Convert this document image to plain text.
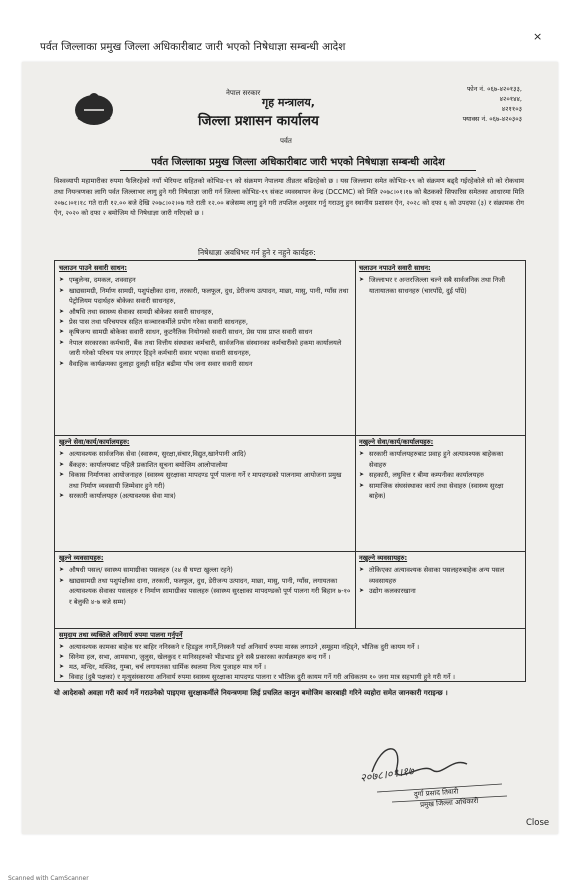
पर्वत जिल्लाका प्रमुख जिल्ला अधिकारीबाट जारी भएको निषेधाज्ञा सम्बन्धी आदेश
×
फोन नं. ०६७-४२०१३३,
४२०१४४,
४२११०३
फ्याक्स नं. ०६७-४२०३०३
नेपाल सरकार
गृह मन्त्रालय,
जिल्ला प्रशासन कार्यालय
पर्वत
पर्वत जिल्लाका प्रमुख जिल्ला अधिकारीबाट जारी भएको निषेधाज्ञा सम्बन्धी आदेश
विश्वव्यापी महामारीका रुपमा फैलिरहेको नयाँ भेरियन्ट सहितको कोभिड-१९ को संक्रमण नेपालमा तीव्रतर बढिरहेको छ । यस जिल्लामा समेत कोभिड-१९ को संक्रमण बढ्दै गईरहेकोले सो को रोकथाम तथा नियन्त्रणका लागि पर्वत जिल्लाभर लागु हुने गरी निषेधाज्ञा जारी गर्न जिल्ला कोभिड-१९ संकट व्यवस्थापन केन्द्र (DCCMC) को मिति २०७८।०१।१७ को बैठकको सिफारिस समेतका आधारमा मिति २०७८।०१।१८ गते राती १२.०० बजे देखि २०७८।०२।०७ गते राती १२.०० बजेसम्म लागु हुने गरी तपशिल अनुसार गर्नु गराउनु हुन स्थानीय प्रशासन ऐन, २०२८ को दफा ६ को उपदफा (३) र संक्रामक रोग ऐन, २०२० को दफा २ बमोजिम यो निषेधाज्ञा जारी गरिएको छ ।
निषेधाज्ञा अवधिभर गर्न हुने र नहुने कार्यहरु:
चलाउन पाउने सवारी साधन:
➤ एम्बुलेन्स, दमकल, शववाहन
➤ खाद्यसामग्री, निर्माण सामग्री, पशुपंक्षीका दाना, तरकारी, फलफूल, दुध, डेरीजन्य उत्पादन, माछा, मासु, पानी, ग्याँस तथा पेट्रोलियम पदार्थहरु बोकेका सवारी साधनहरु,
➤ औषधि तथा स्वास्थ्य सेवाका सामग्री बोकेका सवारी साधनहरु,
➤ प्रेस पास तथा परिचयपत्र सहित सञ्चारकर्मीले प्रयोग गरेका सवारी साधनहरु,
➤ कृषिजन्य सामग्री बोकेका सवारी साधन, कुटनैतिक नियोगको सवारी साधन, प्रेस पास प्राप्त सवारी साधन
➤ नेपाल सरकारका कर्मचारी, बैंक तथा वित्तीय संस्थाका कर्मचारी, सार्वजनिक संस्थानका कर्मचारीको हकमा कार्यालयले जारी गरेको परिचय पत्र लगाएर हिड्ने कर्मचारी सवार भएका सवारी साधनहरु,
➤ वैवाहिक कार्यक्रमका दुलाहा दुलही सहित बढीमा पाँच जना सवार सवारी साधन
चलाउन नपाउने सवारी साधन:
➤ जिल्लाभर र अन्तरजिल्ला चल्ने सबै सार्वजनिक तथा निजी यातायातका साधनहरु (चारपाँग्रे, दुई पाँग्रे)
खुल्ने सेवा/कार्य/कार्यालयहरु:
➤ अत्यावश्यक सार्वजनिक सेवा (स्वास्थ्य, सुरक्षा,संचार,विद्युत,खानेपानी आदि)
➤ बैंकहरु: कार्यालयबाट पहिलै प्रकाशित सूचना बमोजिम आलोपालोमा
➤ विकास निर्माणका आयोजनाहरु (स्वास्थ्य सुरक्षाका मापदण्ड पूर्ण पालना गर्ने र मापदण्डको पालनामा आयोजना प्रमुख तथा निर्माण व्यवसायी जिम्मेवार हुने गरी)
➤ सरकारी कार्यालयहरु (अत्यावश्यक सेवा मात्र)
नखुल्ने सेवा/कार्य/कार्यालयहरु:
➤ सरकारी कार्यालयहरुबाट प्रवाह हुने अत्यावश्यक बाहेकका सेवाहरु
➤ सहकारी, लघुवित्त र बीमा कम्पनीका कार्यालयहरु
➤ सामाजिक संघसंस्थाका कार्य तथा सेवाहरु (स्वास्थ्य सुरक्षा बाहेक)
खुल्ने व्यवसायहरु:
➤ औषधी पसल/ स्वास्थ्य सामाग्रीका पसलहरु (२४ सै घण्टा खुल्ला रहने)
➤ खाद्यसामग्री तथा पशुपंक्षीका दाना, तरकारी, फलफूल, दुध, डेरीजन्य उत्पादन, माछा, मासु, पानी, ग्याँस, लगायतका अत्यावश्यक सेवाका पसलहरु र निर्माण सामाग्रीका पसलहरु (स्वास्थ्य सुरक्षाका मापदण्डको पूर्ण पालना गरी बिहान ७-१० र बेलुकी ४-७ बजे सम्म)
नखुल्ने व्यवसायहरु:
➤ तोकिएका अत्यावश्यक सेवाका पसलहरुबाहेक अन्य पसल व्यवसायहरु
➤ उद्योग कलकारखाना
समुदाय तथा व्यक्तिले अनिवार्य रुपमा पालना गर्नुपर्ने
➤ अत्यावश्यक कामका बाहेक घर बाहिर ननिस्कने र हिडडुल नगर्ने,निस्कनै पर्दा अनिवार्य रुपमा मास्क लगाउने ,समूहमा नहिड्ने, भौतिक दुरी कायम गर्ने ।
➤ सिनेमा हल, सभा, आमसभा, जुलुस, खेलकुद र मानिसहरुको भीडभाड हुने सबै प्रकारका कार्यक्रमहरु बन्द गर्ने ।
➤ मठ, मन्दिर, मस्जिद, गुम्बा, चर्च लगायतका धार्मिक स्थलमा नित्य पुजाहरु मात्र गर्ने ।
➤ विवाह (दुबै पक्षका) र मृत्युसंस्कारमा अनिवार्य रुपमा स्वास्थ्य सुरक्षाका मापदण्ड पालना र भौतिक दुरी कायम गर्ने गरी अधिकतम १० जना मात्र सहभागी हुने गरी गर्ने ।
यो आदेशको अवज्ञा गरी कार्य गर्ने गराउनेको पाइएमा सुरक्षाकर्मीले नियन्त्रणमा लिई प्रचलित कानुन बमोजिम कारबाही गरिने व्यहोरा समेत जानकारी गराइन्छ ।
२०७८।०१।१७
दुर्गा प्रसाद तिवारी
प्रमुख जिल्ला अधिकारी
Close
Scanned with CamScanner
